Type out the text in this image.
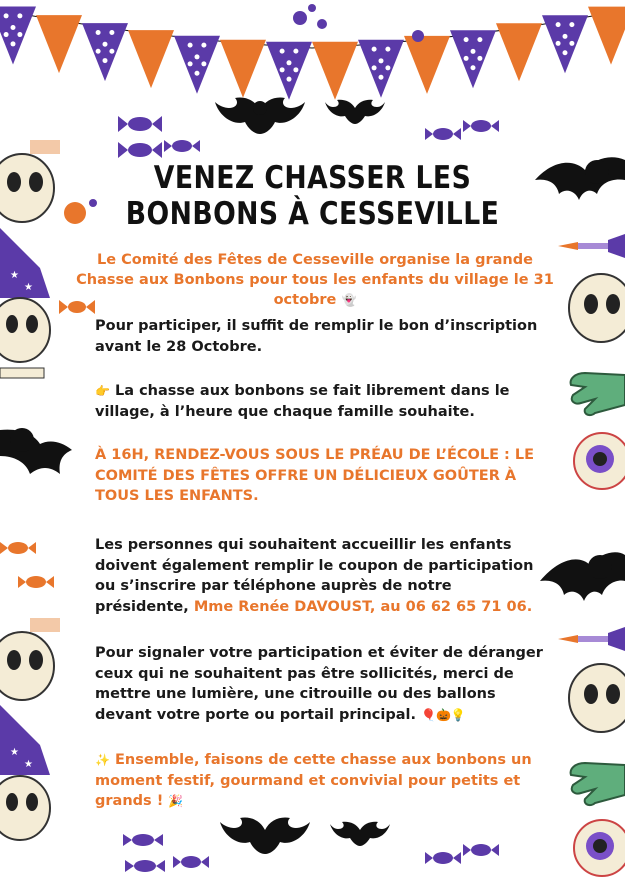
★
★
★
★
VENEZ CHASSER LES
BONBONS À CESSEVILLE
Le Comité des Fêtes de Cesseville organise la grande Chasse aux Bonbons pour tous les enfants du village le 31 octobre 👻

Pour participer, il suffit de remplir le bon d’inscription avant le 28 Octobre.

👉 La chasse aux bonbons se fait librement dans le village, à l’heure que chaque famille souhaite.

À 16H, RENDEZ-VOUS SOUS LE PRÉAU DE L’ÉCOLE : LE COMITÉ DES FÊTES OFFRE UN DÉLICIEUX GOÛTER À TOUS LES ENFANTS.

Les personnes qui souhaitent accueillir les enfants doivent également remplir le coupon de participation ou s’inscrire par téléphone auprès de notre présidente, Mme Renée DAVOUST, au 06 62 65 71 06.

Pour signaler votre participation et éviter de déranger ceux qui ne souhaitent pas être sollicités, merci de mettre une lumière, une citrouille ou des ballons devant votre porte ou portail principal. 🎈🎃💡

✨ Ensemble, faisons de cette chasse aux bonbons un moment festif, gourmand et convivial pour petits et grands ! 🎉
